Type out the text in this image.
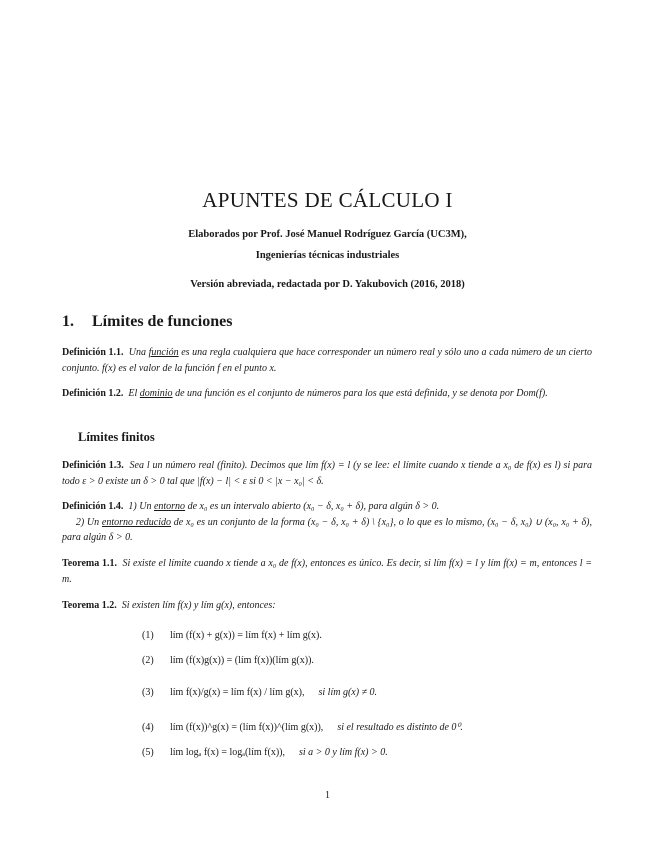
APUNTES DE CÁLCULO I
Elaborados por Prof. José Manuel Rodríguez García (UC3M),
Ingenierías técnicas industriales
Versión abreviada, redactada por D. Yakubovich (2016, 2018)
1. Límites de funciones
Definición 1.1. Una función es una regla cualquiera que hace corresponder un número real y sólo uno a cada número de un cierto conjunto. f(x) es el valor de la función f en el punto x.
Definición 1.2. El dominio de una función es el conjunto de números para los que está definida, y se denota por Dom(f).
Límites finitos
Definición 1.3. Sea l un número real (finito). Decimos que lím f(x) = l (y se lee: el límite cuando x tiende a x₀ de f(x) es l) si para todo ε > 0 existe un δ > 0 tal que |f(x) − l| < ε si 0 < |x − x₀| < δ.
Definición 1.4. 1) Un entorno de x₀ es un intervalo abierto (x₀ − δ, x₀ + δ), para algún δ > 0.
2) Un entorno reducido de x₀ es un conjunto de la forma (x₀ − δ, x₀ + δ) \ {x₀}, o lo que es lo mismo, (x₀ − δ, x₀) ∪ (x₀, x₀ + δ), para algún δ > 0.
Teorema 1.1. Si existe el límite cuando x tiende a x₀ de f(x), entonces es único. Es decir, si lím f(x) = l y lím f(x) = m, entonces l = m.
Teorema 1.2. Si existen lím f(x) y lím g(x), entonces:
(1) lím (f(x) + g(x)) = lím f(x) + lím g(x).
(2) lím (f(x)g(x)) = (lím f(x))(lím g(x)).
(3) lím f(x)/g(x) = lím f(x) / lím g(x), si lím g(x) ≠ 0.
(4) lím (f(x))^g(x) = (lím f(x))^(lím g(x)), si el resultado es distinto de 0⁰.
(5) lím logₐ f(x) = logₐ(lím f(x)), si a > 0 y lím f(x) > 0.
1
